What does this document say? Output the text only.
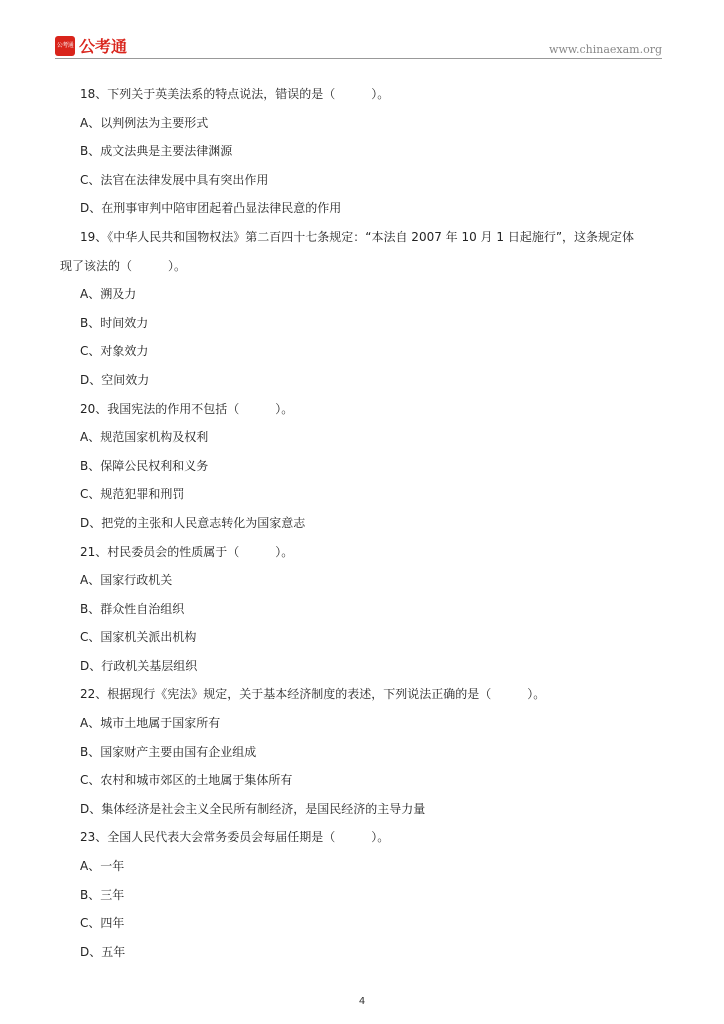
公考通 公考通	www.chinaexam.org
18、下列关于英美法系的特点说法，错误的是（　　　）。
A、以判例法为主要形式
B、成文法典是主要法律渊源
C、法官在法律发展中具有突出作用
D、在刑事审判中陪审团起着凸显法律民意的作用
19、《中华人民共和国物权法》第二百四十七条规定：“本法自 2007 年 10 月 1 日起施行”，这条规定体
现了该法的（　　　）。
A、溯及力
B、时间效力
C、对象效力
D、空间效力
20、我国宪法的作用不包括（　　　）。
A、规范国家机构及权利
B、保障公民权利和义务
C、规范犯罪和刑罚
D、把党的主张和人民意志转化为国家意志
21、村民委员会的性质属于（　　　）。
A、国家行政机关
B、群众性自治组织
C、国家机关派出机构
D、行政机关基层组织
22、根据现行《宪法》规定，关于基本经济制度的表述，下列说法正确的是（　　　）。
A、城市土地属于国家所有
B、国家财产主要由国有企业组成
C、农村和城市郊区的土地属于集体所有
D、集体经济是社会主义全民所有制经济，是国民经济的主导力量
23、全国人民代表大会常务委员会每届任期是（　　　）。
A、一年
B、三年
C、四年
D、五年
4
